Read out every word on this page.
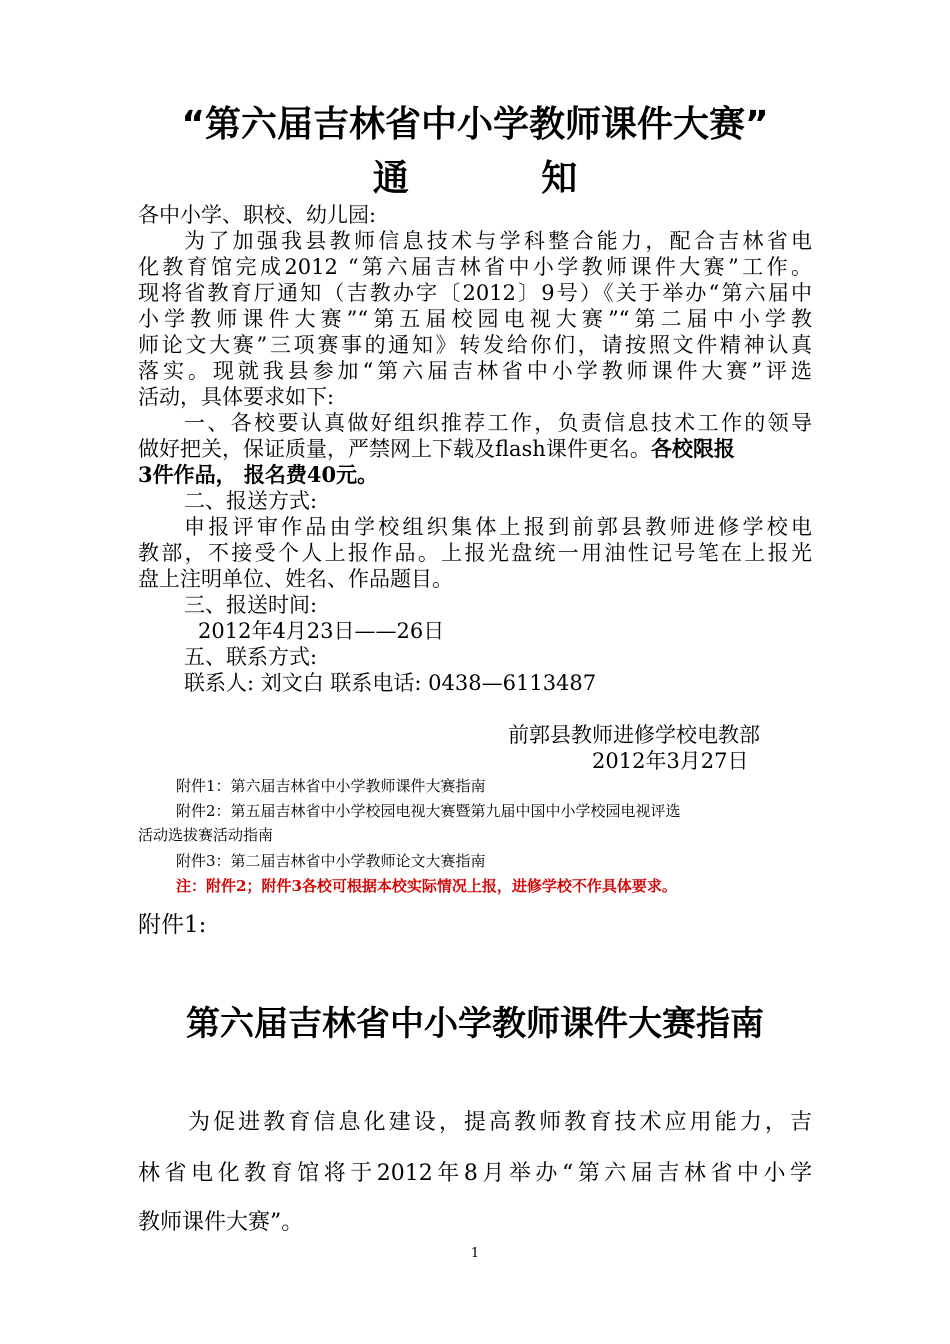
“第六届吉林省中小学教师课件大赛”
通 知
各中小学、职校、幼儿园:
为了加强我县教师信息技术与学科整合能力，配合吉林省电
化教育馆完成2012 “第六届吉林省中小学教师课件大赛”工作。
现将省教育厅通知（吉教办字〔2012〕9号）《关于举办“第六届中
小学教师课件大赛”“第五届校园电视大赛”“第二届中小学教
师论文大赛”三项赛事的通知》转发给你们，请按照文件精神认真
落实。现就我县参加“第六届吉林省中小学教师课件大赛”评选
活动，具体要求如下:
一、各校要认真做好组织推荐工作，负责信息技术工作的领导
做好把关，保证质量，严禁网上下载及flash课件更名。各校限报
3件作品， 报名费40元。
二、报送方式:
申报评审作品由学校组织集体上报到前郭县教师进修学校电
教部，不接受个人上报作品。上报光盘统一用油性记号笔在上报光
盘上注明单位、姓名、作品题目。
三、报送时间:
2012年4月23日——26日
五、联系方式:
联系人: 刘文白 联系电话: 0438—6113487
前郭县教师进修学校电教部
2012年3月27日
附件1：第六届吉林省中小学教师课件大赛指南
附件2：第五届吉林省中小学校园电视大赛暨第九届中国中小学校园电视评选
活动选拔赛活动指南
附件3：第二届吉林省中小学教师论文大赛指南
注：附件2；附件3各校可根据本校实际情况上报，进修学校不作具体要求。
附件1:
第六届吉林省中小学教师课件大赛指南
为促进教育信息化建设，提高教师教育技术应用能力，吉
林省电化教育馆将于2012年8月举办“第六届吉林省中小学
教师课件大赛”。
1
